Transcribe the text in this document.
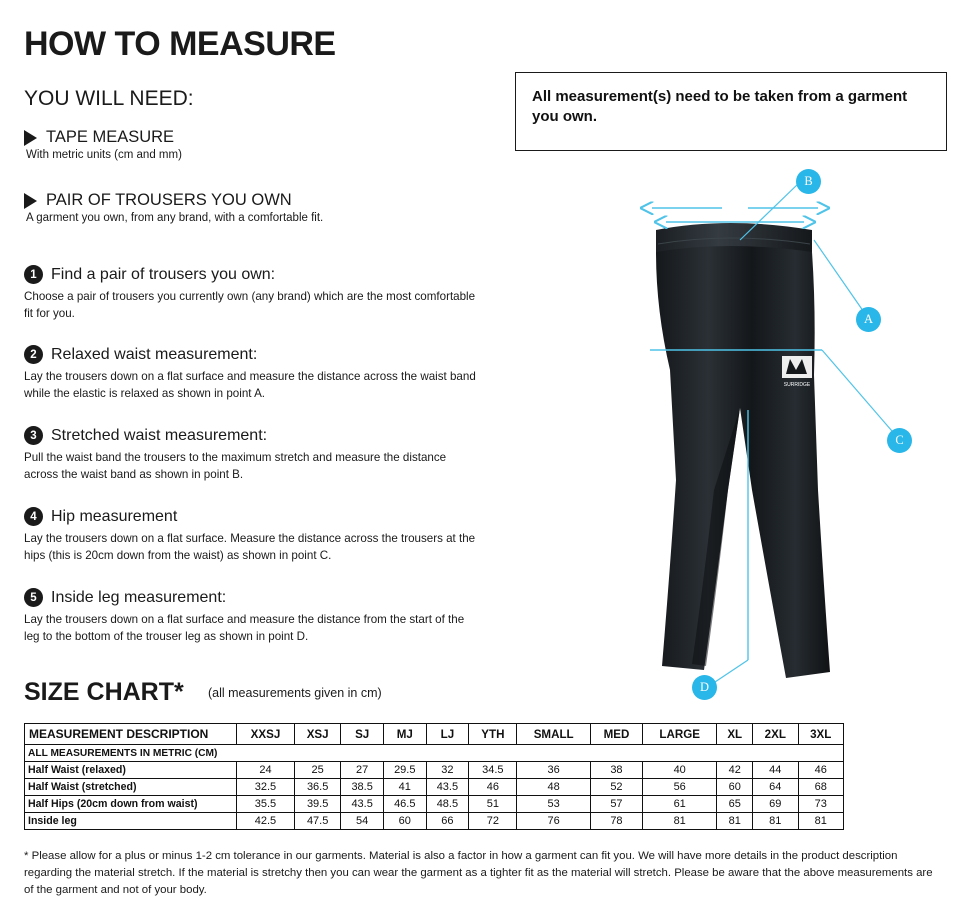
HOW TO MEASURE
YOU WILL NEED:
TAPE MEASURE
With metric units (cm and mm)
PAIR OF TROUSERS YOU OWN
A garment you own, from any brand, with a comfortable fit.
All measurement(s) need to be taken from a garment you own.
1 Find a pair of trousers you own:
Choose a pair of trousers you currently own (any brand) which are the most comfortable fit for you.
2 Relaxed waist measurement:
Lay the trousers down on a flat surface and measure the distance across the waist band while the elastic is relaxed as shown in point A.
3 Stretched waist measurement:
Pull the waist band the trousers to the maximum stretch and measure the distance across the waist band as shown in point B.
4 Hip measurement
Lay the trousers down on a flat surface. Measure the distance across the trousers at the hips (this is 20cm down from the waist) as shown in point C.
5 Inside leg measurement:
Lay the trousers down on a flat surface and measure the distance from the start of the leg to the bottom of the trouser leg as shown in point D.
SURRIDGE
B
A
C
D
SIZE CHART* (all measurements given in cm)
MEASUREMENT DESCRIPTION	XXSJ	XSJ	SJ	MJ	LJ	YTH	SMALL	MED	LARGE	XL	2XL	3XL
ALL MEASUREMENTS IN METRIC (CM)												
Half Waist (relaxed)	24	25	27	29.5	32	34.5	36	38	40	42	44	46
Half Waist (stretched)	32.5	36.5	38.5	41	43.5	46	48	52	56	60	64	68
Half Hips (20cm down from waist)	35.5	39.5	43.5	46.5	48.5	51	53	57	61	65	69	73
Inside leg	42.5	47.5	54	60	66	72	76	78	81	81	81	81
* Please allow for a plus or minus 1-2 cm tolerance in our garments. Material is also a factor in how a garment can fit you. We will have more details in the product description regarding the material stretch. If the material is stretchy then you can wear the garment as a tighter fit as the material will stretch. Please be aware that the above measurements are of the garment and not of your body.
